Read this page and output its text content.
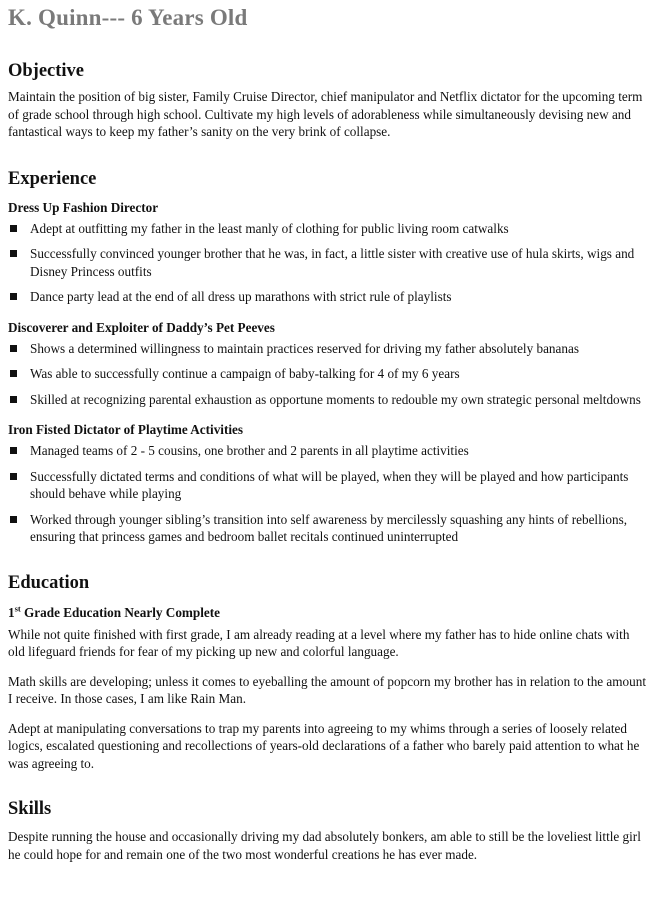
K. Quinn--- 6 Years Old
Objective

Maintain the position of big sister, Family Cruise Director, chief manipulator and Netflix dictator for the upcoming term of grade school through high school. Cultivate my high levels of adorableness while simultaneously devising new and fantastical ways to keep my father’s sanity on the very brink of collapse.

Experience
Dress Up Fashion Director
Adept at outfitting my father in the least manly of clothing for public living room catwalks
Successfully convinced younger brother that he was, in fact, a little sister with creative use of hula skirts, wigs and Disney Princess outfits
Dance party lead at the end of all dress up marathons with strict rule of playlists
Discoverer and Exploiter of Daddy’s Pet Peeves
Shows a determined willingness to maintain practices reserved for driving my father absolutely bananas
Was able to successfully continue a campaign of baby-talking for 4 of my 6 years
Skilled at recognizing parental exhaustion as opportune moments to redouble my own strategic personal meltdowns
Iron Fisted Dictator of Playtime Activities
Managed teams of 2 - 5 cousins, one brother and 2 parents in all playtime activities
Successfully dictated terms and conditions of what will be played, when they will be played and how participants should behave while playing
Worked through younger sibling’s transition into self awareness by mercilessly squashing any hints of rebellions, ensuring that princess games and bedroom ballet recitals continued uninterrupted
Education
1st Grade Education Nearly Complete

While not quite finished with first grade, I am already reading at a level where my father has to hide online chats with old lifeguard friends for fear of my picking up new and colorful language.

Math skills are developing; unless it comes to eyeballing the amount of popcorn my brother has in relation to the amount I receive. In those cases, I am like Rain Man.

Adept at manipulating conversations to trap my parents into agreeing to my whims through a series of loosely related logics, escalated questioning and recollections of years-old declarations of a father who barely paid attention to what he was agreeing to.

Skills

Despite running the house and occasionally driving my dad absolutely bonkers, am able to still be the loveliest little girl he could hope for and remain one of the two most wonderful creations he has ever made.
